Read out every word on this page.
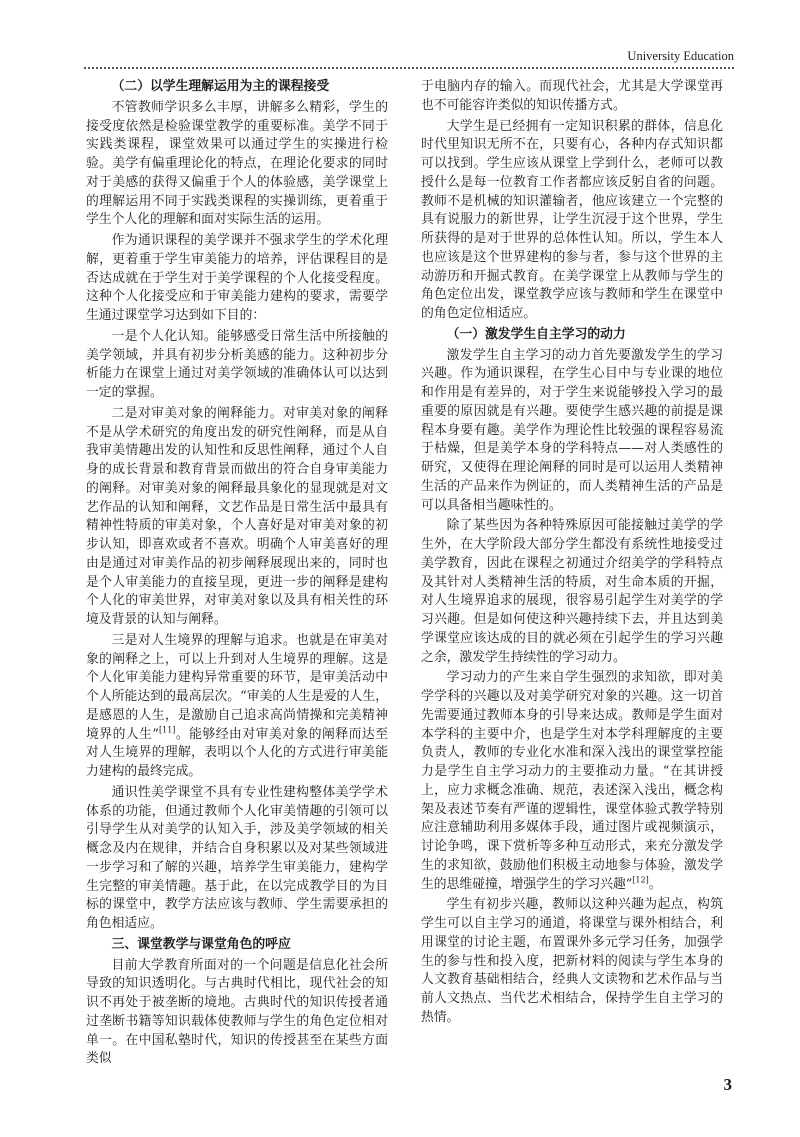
University Education

（二）以学生理解运用为主的课程接受

不管教师学识多么丰厚，讲解多么精彩，学生的接受度依然是检验课堂教学的重要标准。美学不同于实践类课程，课堂效果可以通过学生的实操进行检验。美学有偏重理论化的特点，在理论化要求的同时对于美感的获得又偏重于个人的体验感，美学课堂上的理解运用不同于实践类课程的实操训练，更着重于学生个人化的理解和面对实际生活的运用。

作为通识课程的美学课并不强求学生的学术化理解，更着重于学生审美能力的培养，评估课程目的是否达成就在于学生对于美学课程的个人化接受程度。这种个人化接受应和于审美能力建构的要求，需要学生通过课堂学习达到如下目的：

一是个人化认知。能够感受日常生活中所接触的美学领域，并具有初步分析美感的能力。这种初步分析能力在课堂上通过对美学领域的准确体认可以达到一定的掌握。

二是对审美对象的阐释能力。对审美对象的阐释不是从学术研究的角度出发的研究性阐释，而是从自我审美情趣出发的认知性和反思性阐释，通过个人自身的成长背景和教育背景而做出的符合自身审美能力的阐释。对审美对象的阐释最具象化的显现就是对文艺作品的认知和阐释，文艺作品是日常生活中最具有精神性特质的审美对象，个人喜好是对审美对象的初步认知，即喜欢或者不喜欢。明确个人审美喜好的理由是通过对审美作品的初步阐释展现出来的，同时也是个人审美能力的直接呈现，更进一步的阐释是建构个人化的审美世界，对审美对象以及具有相关性的环境及背景的认知与阐释。

三是对人生境界的理解与追求。也就是在审美对象的阐释之上，可以上升到对人生境界的理解。这是个人化审美能力建构异常重要的环节，是审美活动中个人所能达到的最高层次。“审美的人生是爱的人生，是感恩的人生，是激励自己追求高尚情操和完美精神境界的人生”[11]。能够经由对审美对象的阐释而达至对人生境界的理解，表明以个人化的方式进行审美能力建构的最终完成。

通识性美学课堂不具有专业性建构整体美学学术体系的功能，但通过教师个人化审美情趣的引领可以引导学生从对美学的认知入手，涉及美学领域的相关概念及内在规律，并结合自身积累以及对某些领域进一步学习和了解的兴趣，培养学生审美能力，建构学生完整的审美情趣。基于此，在以完成教学目的为目标的课堂中，教学方法应该与教师、学生需要承担的角色相适应。

三、课堂教学与课堂角色的呼应

目前大学教育所面对的一个问题是信息化社会所导致的知识透明化。与古典时代相比，现代社会的知识不再处于被垄断的境地。古典时代的知识传授者通过垄断书籍等知识载体使教师与学生的角色定位相对单一。在中国私塾时代，知识的传授甚至在某些方面类似

于电脑内存的输入。而现代社会，尤其是大学课堂再也不可能容许类似的知识传播方式。

大学生是已经拥有一定知识积累的群体，信息化时代里知识无所不在，只要有心，各种内存式知识都可以找到。学生应该从课堂上学到什么，老师可以教授什么是每一位教育工作者都应该反躬自省的问题。教师不是机械的知识灌输者，他应该建立一个完整的具有说服力的新世界，让学生沉浸于这个世界，学生所获得的是对于世界的总体性认知。所以，学生本人也应该是这个世界建构的参与者，参与这个世界的主动游历和开掘式教育。在美学课堂上从教师与学生的角色定位出发，课堂教学应该与教师和学生在课堂中的角色定位相适应。

（一）激发学生自主学习的动力

激发学生自主学习的动力首先要激发学生的学习兴趣。作为通识课程，在学生心目中与专业课的地位和作用是有差异的，对于学生来说能够投入学习的最重要的原因就是有兴趣。要使学生感兴趣的前提是课程本身要有趣。美学作为理论性比较强的课程容易流于枯燥，但是美学本身的学科特点——对人类感性的研究，又使得在理论阐释的同时是可以运用人类精神生活的产品来作为例证的，而人类精神生活的产品是可以具备相当趣味性的。

除了某些因为各种特殊原因可能接触过美学的学生外，在大学阶段大部分学生都没有系统性地接受过美学教育，因此在课程之初通过介绍美学的学科特点及其针对人类精神生活的特质，对生命本质的开掘，对人生境界追求的展现，很容易引起学生对美学的学习兴趣。但是如何使这种兴趣持续下去，并且达到美学课堂应该达成的目的就必须在引起学生的学习兴趣之余，激发学生持续性的学习动力。

学习动力的产生来自学生强烈的求知欲，即对美学学科的兴趣以及对美学研究对象的兴趣。这一切首先需要通过教师本身的引导来达成。教师是学生面对本学科的主要中介，也是学生对本学科理解度的主要负责人，教师的专业化水准和深入浅出的课堂掌控能力是学生自主学习动力的主要推动力量。“在其讲授上，应力求概念准确、规范，表述深入浅出，概念构架及表述节奏有严谨的逻辑性，课堂体验式教学特别应注意辅助利用多媒体手段，通过图片或视频演示，讨论争鸣，课下赏析等多种互动形式，来充分激发学生的求知欲，鼓励他们积极主动地参与体验，激发学生的思维碰撞，增强学生的学习兴趣”[12]。

学生有初步兴趣，教师以这种兴趣为起点，构筑学生可以自主学习的通道，将课堂与课外相结合，利用课堂的讨论主题，布置课外多元学习任务，加强学生的参与性和投入度，把新材料的阅读与学生本身的人文教育基础相结合，经典人文读物和艺术作品与当前人文热点、当代艺术相结合，保持学生自主学习的热情。

3
